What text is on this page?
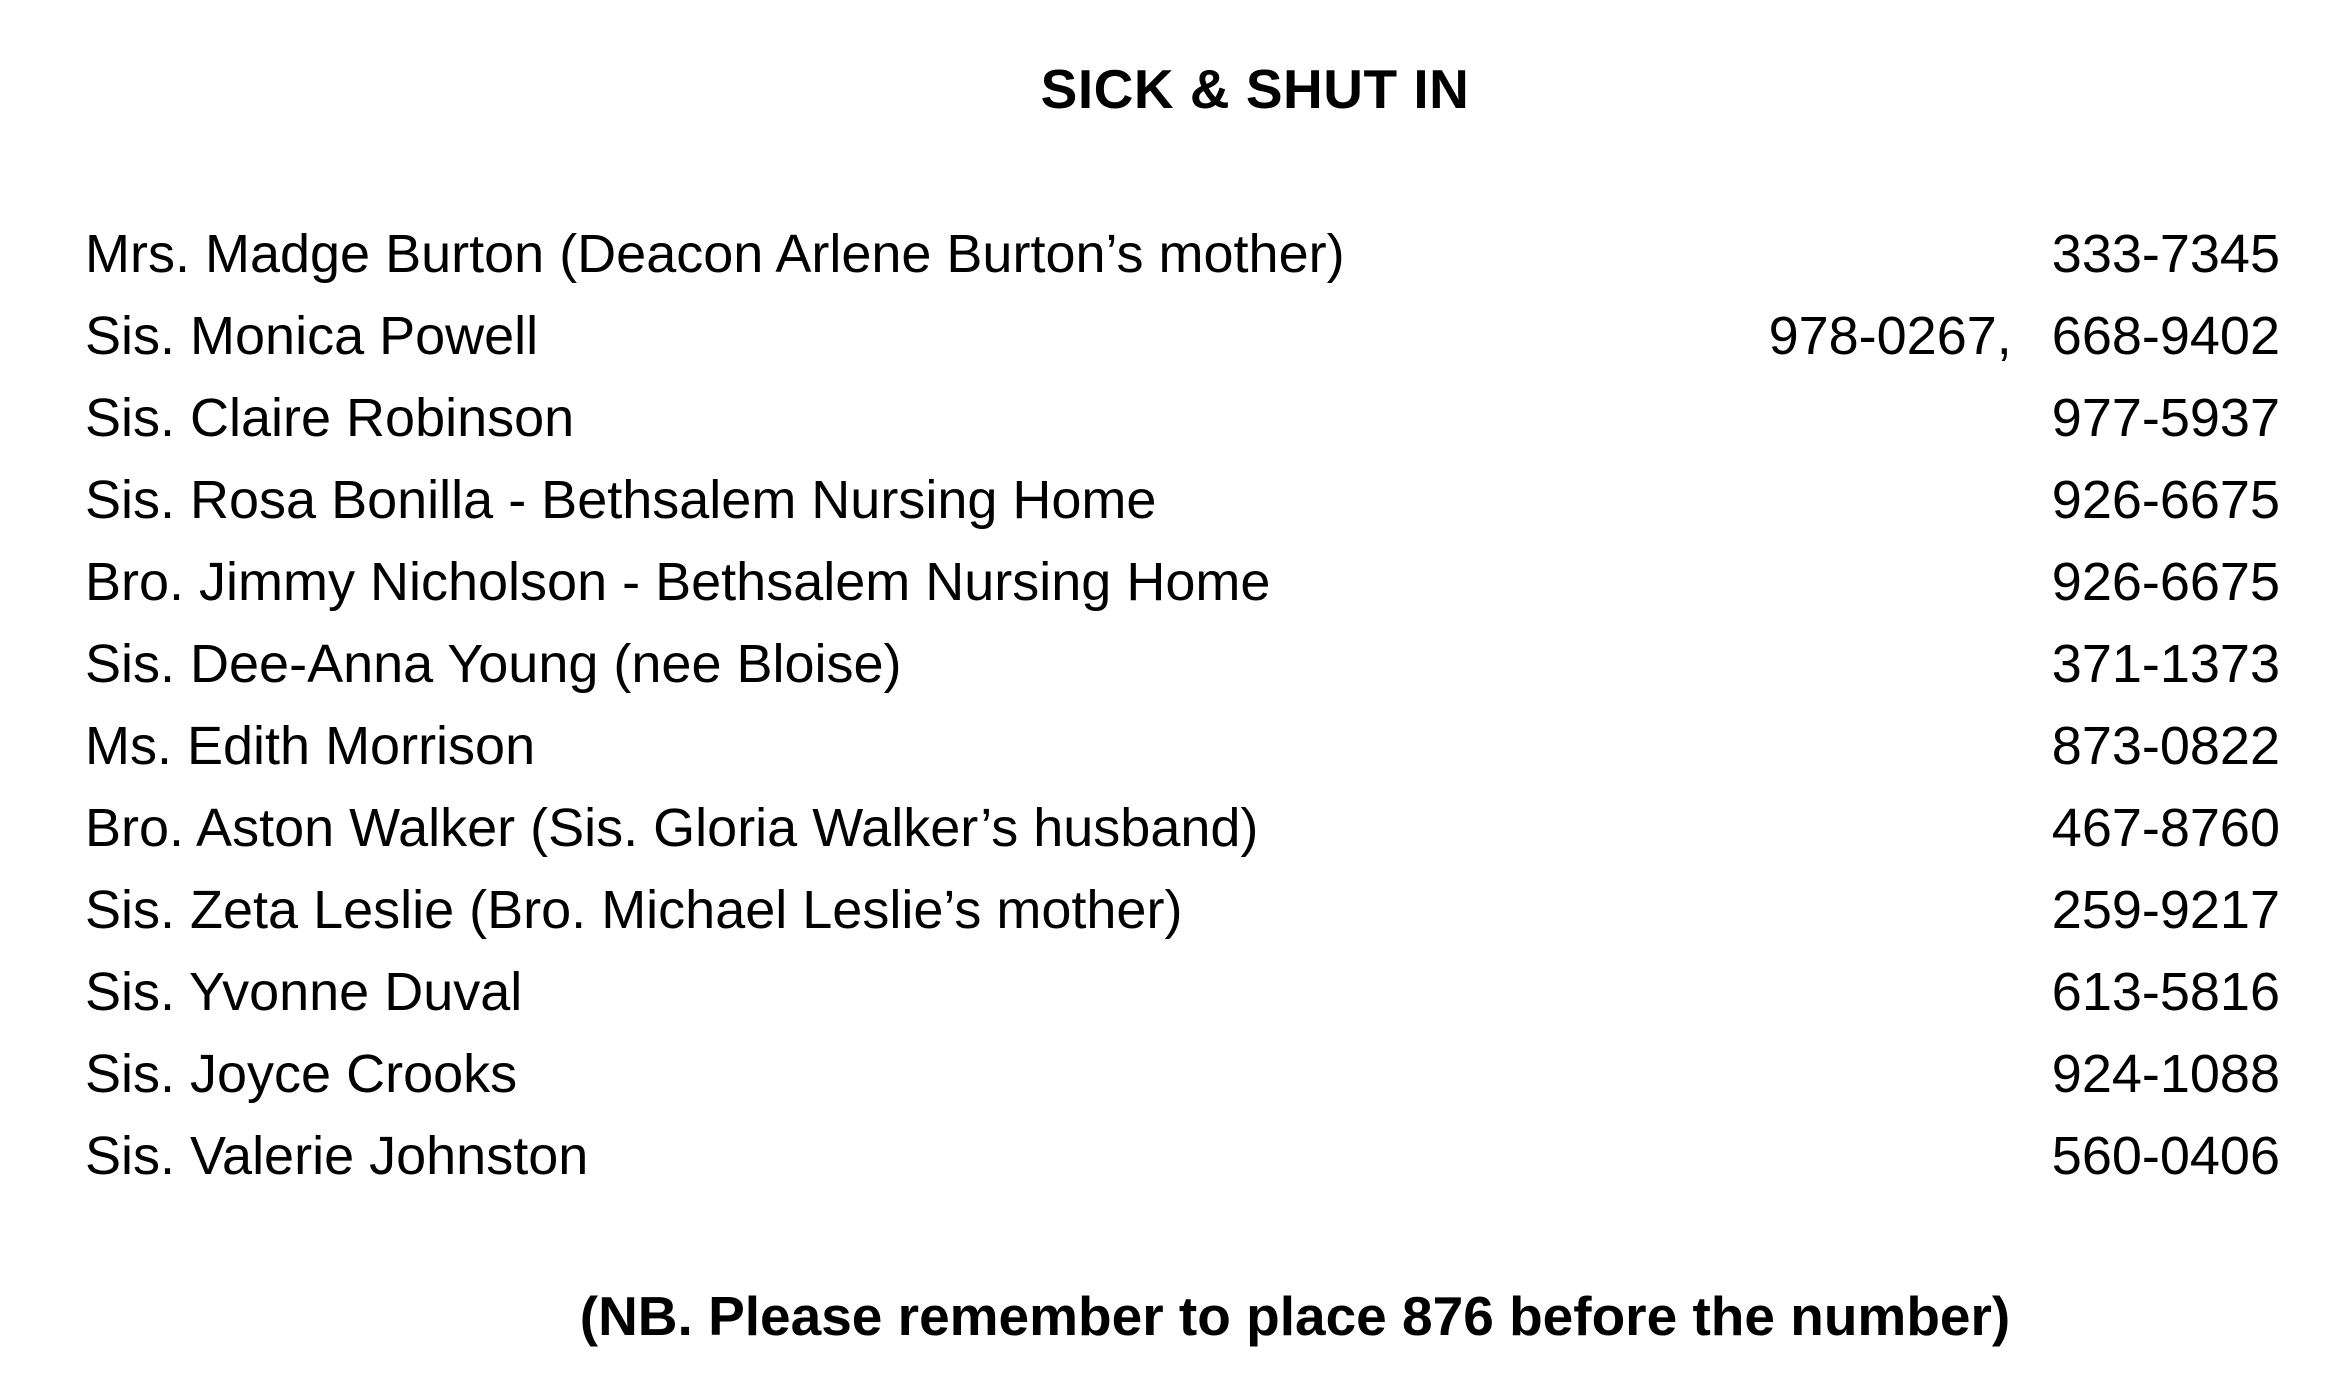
SICK & SHUT IN
Mrs. Madge Burton (Deacon Arlene Burton’s mother)	333-7345
Sis. Monica Powell	978-0267, 668-9402
Sis. Claire Robinson	977-5937
Sis. Rosa Bonilla - Bethsalem Nursing Home	926-6675
Bro. Jimmy Nicholson - Bethsalem Nursing Home	926-6675
Sis. Dee-Anna Young (nee Bloise)	371-1373
Ms. Edith Morrison	873-0822
Bro. Aston Walker (Sis. Gloria Walker’s husband)	467-8760
Sis. Zeta Leslie (Bro. Michael Leslie’s mother)	259-9217
Sis. Yvonne Duval	613-5816
Sis. Joyce Crooks	924-1088
Sis. Valerie Johnston	560-0406
(NB. Please remember to place 876 before the number)
